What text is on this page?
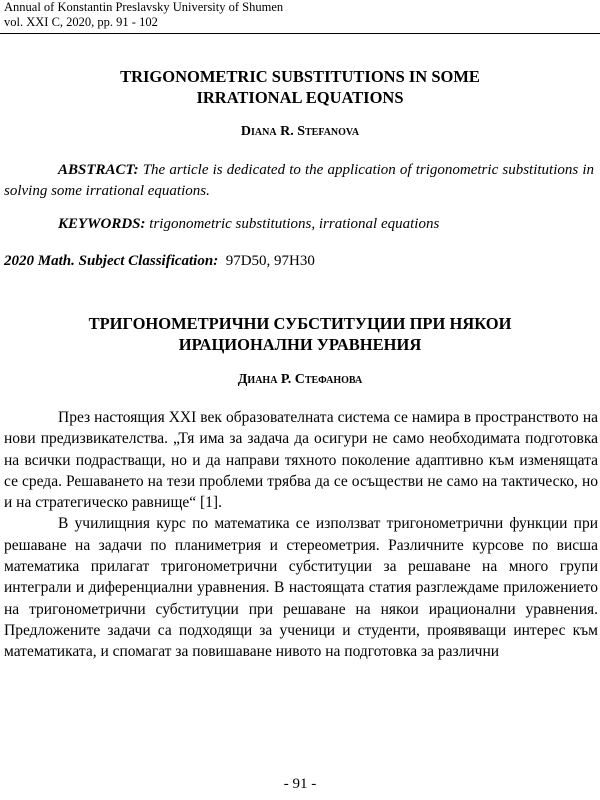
Annual of Konstantin Preslavsky University of Shumen
vol. XXI C, 2020, pp. 91 - 102
TRIGONOMETRIC SUBSTITUTIONS IN SOME
IRRATIONAL EQUATIONS
Diana R. Stefanova
ABSTRACT: The article is dedicated to the application of trigonometric substitutions in solving some irrational equations.
KEYWORDS: trigonometric substitutions, irrational equations
2020 Math. Subject Classification: 97D50, 97H30
ТРИГОНОМЕТРИЧНИ СУБСТИТУЦИИ ПРИ НЯКОИ
ИРАЦИОНАЛНИ УРАВНЕНИЯ
Диана Р. Стефанова

През настоящия XXI век образователната система се намира в пространството на нови предизвикателства. „Тя има за задача да осигури не само необходимата подготовка на всички подрастващи, но и да направи тяхното поколение адаптивно към изменящата се среда. Решаването на тези проблеми трябва да се осъществи не само на тактическо, но и на стратегическо равнище“ [1].

В училищния курс по математика се използват тригонометрични функции при решаване на задачи по планиметрия и стереометрия. Различните курсове по висша математика прилагат тригонометрични субституции за решаване на много групи интеграли и диференциални уравнения. В настоящата статия разглеждаме приложението на тригонометрични субституции при решаване на някои ирационални уравнения. Предложените задачи са подходящи за ученици и студенти, проявяващи интерес към математиката, и спомагат за повишаване нивото на подготовка за различни

- 91 -
